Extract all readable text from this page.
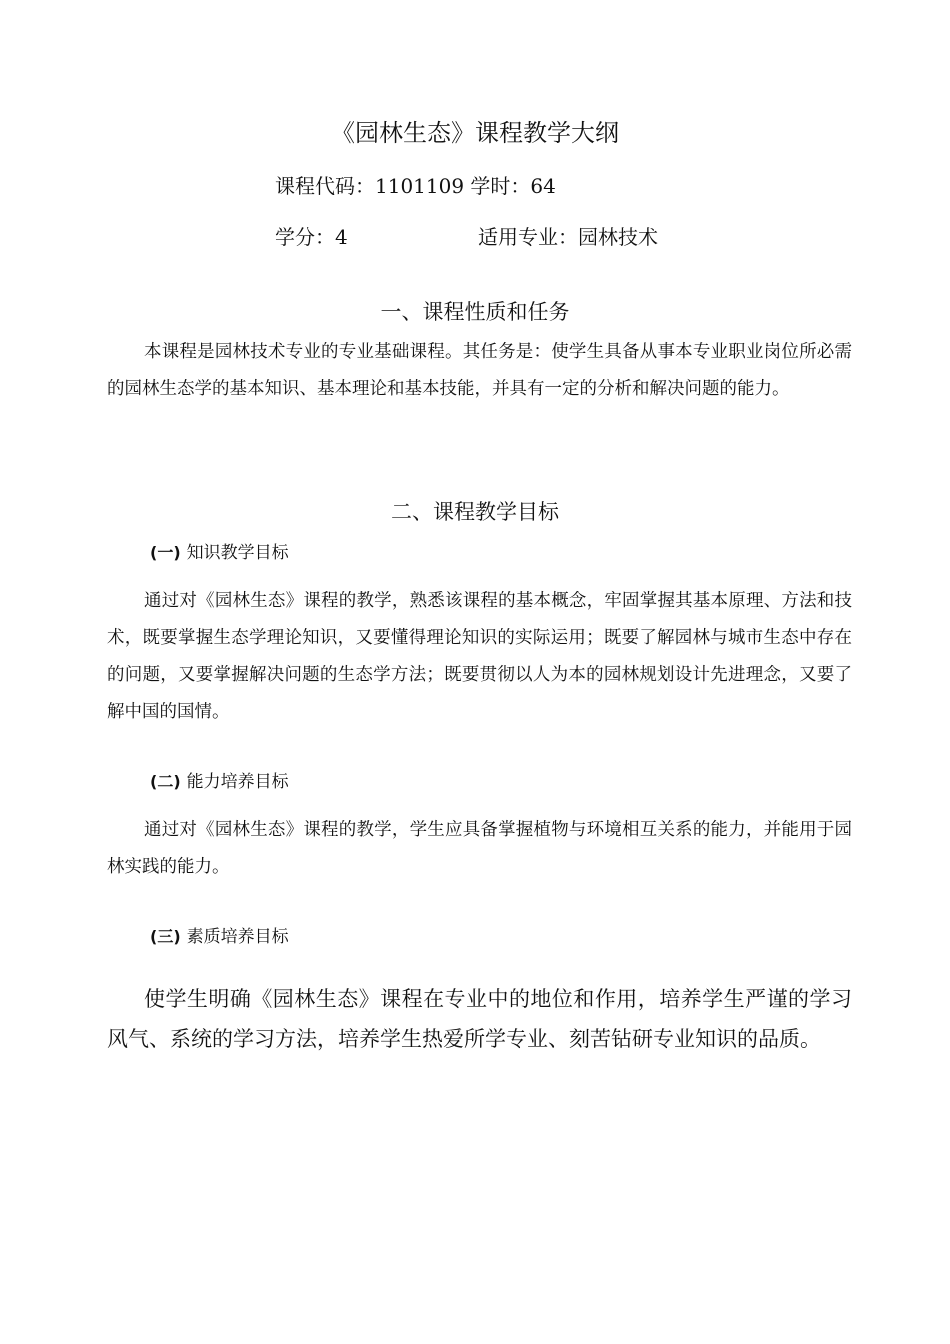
《园林生态》课程教学大纲
课程代码：1101109 学时：64
学分：4	适用专业：园林技术
一、课程性质和任务
本课程是园林技术专业的专业基础课程。其任务是：使学生具备从事本专业职业岗位所必需的园林生态学的基本知识、基本理论和基本技能，并具有一定的分析和解决问题的能力。
二、课程教学目标
(一) 知识教学目标
通过对《园林生态》课程的教学，熟悉该课程的基本概念，牢固掌握其基本原理、方法和技术，既要掌握生态学理论知识，又要懂得理论知识的实际运用；既要了解园林与城市生态中存在的问题，又要掌握解决问题的生态学方法；既要贯彻以人为本的园林规划设计先进理念，又要了解中国的国情。
(二) 能力培养目标
通过对《园林生态》课程的教学，学生应具备掌握植物与环境相互关系的能力，并能用于园林实践的能力。
(三) 素质培养目标
使学生明确《园林生态》课程在专业中的地位和作用，培养学生严谨的学习风气、系统的学习方法，培养学生热爱所学专业、刻苦钻研专业知识的品质。
